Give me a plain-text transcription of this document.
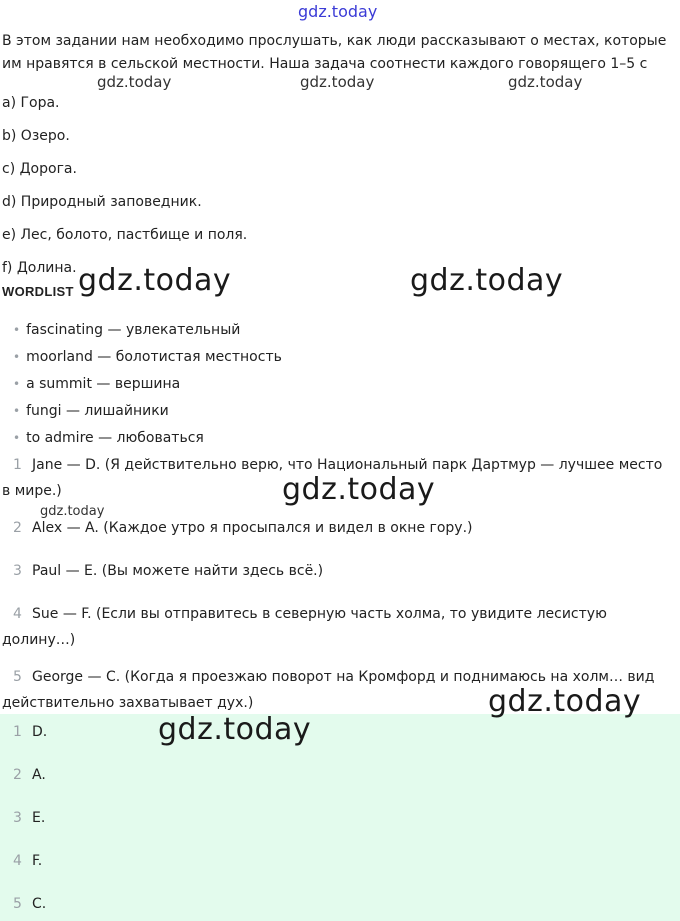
gdz.today
gdz.today	gdz.today	gdz.today
gdz.today	gdz.today
gdz.today
gdz.today
gdz.today
gdz.today

В этом задании нам необходимо прослушать, как люди рассказывают о местах, которые

им нравятся в сельской местности. Наша задача соотнести каждого говорящего 1–5 с

a) Гора.
b) Озеро.
c) Дорога.
d) Природный заповедник.
e) Лес, болото, пастбище и поля.
f) Долина.
WORDLIST
• fascinating — увлекательный
• moorland — болотистая местность
• a summit — вершина
• fungi — лишайники
• to admire — любоваться
1 Jane — D. (Я действительно верю, что Национальный парк Дартмур — лучшее место
в мире.)
2 Alex — A. (Каждое утро я просыпался и видел в окне гору.)
3 Paul — E. (Вы можете найти здесь всё.)
4 Sue — F. (Если вы отправитесь в северную часть холма, то увидите лесистую
долину…)
5 George — C. (Когда я проезжаю поворот на Кромфорд и поднимаюсь на холм… вид
действительно захватывает дух.)
1 D.
2 A.
3 E.
4 F.
5 C.
